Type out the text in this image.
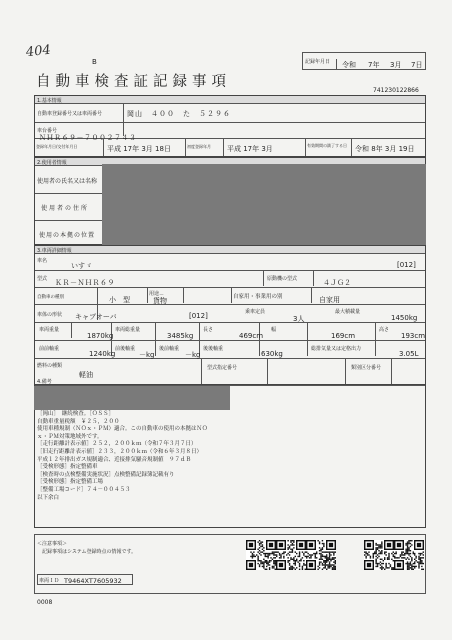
404
B
自動車検査証記録事項
記録年月日 令和 7年 3月 7日
741230122866
1.基本情報
自動車登録番号又は車両番号	岡山　４００　た　５２９６
車台番号
ＮＨＲ６９－７００２７４３
登録年月日/交付年月日	平成 17年 3月 18日	初度登録年月 平成 17年 3月	有効期間の満了する日 令和 8年 3月 19日
2.使用者情報
使用者の氏名又は名称
使用者の住所
使用の本拠の位置
3.車両詳細情報
車名
いすゞ	[012]
型式 ＫＲ－ＮＨＲ６９	原動機の型式	４ＪＧ２
自動車の種別	小　型
－
用途
貨物	自家用・事業用の別	自家用
車体の形状 キャブオーバ	[012]	乗車定員
3人
最大積載量
1450kg
車両重量
1870kg
車両総重量
3485kg
長さ
469cm
幅
169cm
高さ
193cm
前前軸重
1240kg
前後軸重
－kg
後前軸重
－kg
後後軸重
630kg
総排気量又は定格出力
3.05L
燃料の種類
軽油
型式指定番号	類別区分番号
4.備考
［岡山］　継続検査。［ＯＳＳ］
自動車重量税額　￥２５，２００
使用車種規制（ＮＯｘ・ＰＭ）適合。この自動車の使用の本拠はＮＯ
ｘ・ＰＭ対策地域外です。
［走行距離計表示値］２５２，２００ｋｍ（令和７年３月７日）
［旧走行距離計表示値］２３３，２００ｋｍ（令和６年３月８日）
平成１２年排出ガス規制適合、近接排気騒音規制値　９７ｄＢ
［受検形態］指定整備車
［検査時の点検整備実施状況］点検整備記録簿記載有り
［受検形態］指定整備工場
［整備工場コード］７４－００４５３
以下余白
＜注意事項＞
記録事項はシステム登録時点の情報です。
車両ＩＤ T9464XT7605932
0008
